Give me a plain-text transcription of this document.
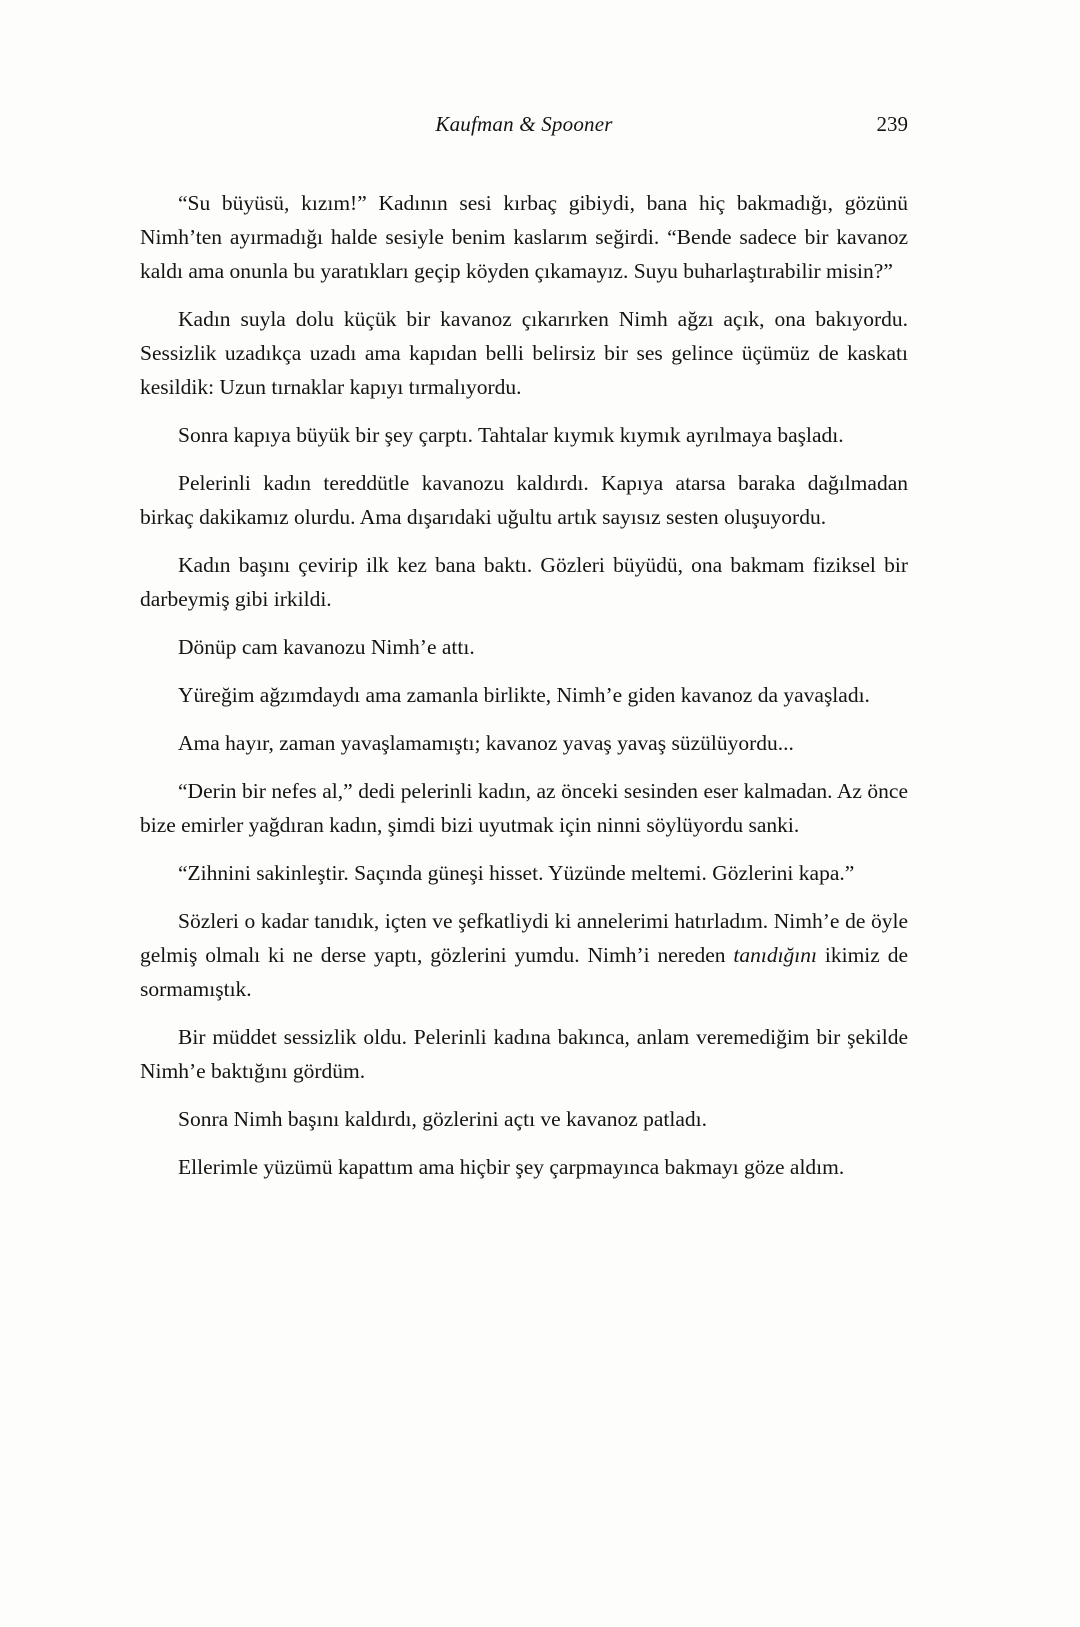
Kaufman & Spooner	239

“Su büyüsü, kızım!” Kadının sesi kırbaç gibiydi, bana hiç bakmadığı, gözünü Nimh’ten ayırmadığı halde sesiyle benim kaslarım seğirdi. “Bende sadece bir kavanoz kaldı ama onunla bu yaratıkları geçip köyden çıkamayız. Suyu buharlaştırabilir misin?”

Kadın suyla dolu küçük bir kavanoz çıkarırken Nimh ağzı açık, ona bakıyordu. Sessizlik uzadıkça uzadı ama kapıdan belli belirsiz bir ses gelince üçümüz de kaskatı kesildik: Uzun tırnaklar kapıyı tırmalıyordu.

Sonra kapıya büyük bir şey çarptı. Tahtalar kıymık kıymık ayrılmaya başladı.

Pelerinli kadın tereddütle kavanozu kaldırdı. Kapıya atarsa baraka dağılmadan birkaç dakikamız olurdu. Ama dışarıdaki uğultu artık sayısız sesten oluşuyordu.

Kadın başını çevirip ilk kez bana baktı. Gözleri büyüdü, ona bakmam fiziksel bir darbeymiş gibi irkildi.

Dönüp cam kavanozu Nimh’e attı.

Yüreğim ağzımdaydı ama zamanla birlikte, Nimh’e giden kavanoz da yavaşladı.

Ama hayır, zaman yavaşlamamıştı; kavanoz yavaş yavaş süzülüyordu...

“Derin bir nefes al,” dedi pelerinli kadın, az önceki sesinden eser kalmadan. Az önce bize emirler yağdıran kadın, şimdi bizi uyutmak için ninni söylüyordu sanki.

“Zihnini sakinleştir. Saçında güneşi hisset. Yüzünde meltemi. Gözlerini kapa.”

Sözleri o kadar tanıdık, içten ve şefkatliydi ki annelerimi hatırladım. Nimh’e de öyle gelmiş olmalı ki ne derse yaptı, gözlerini yumdu. Nimh’i nereden tanıdığını ikimiz de sormamıştık.

Bir müddet sessizlik oldu. Pelerinli kadına bakınca, anlam veremediğim bir şekilde Nimh’e baktığını gördüm.

Sonra Nimh başını kaldırdı, gözlerini açtı ve kavanoz patladı.

Ellerimle yüzümü kapattım ama hiçbir şey çarpmayınca bakmayı göze aldım.
